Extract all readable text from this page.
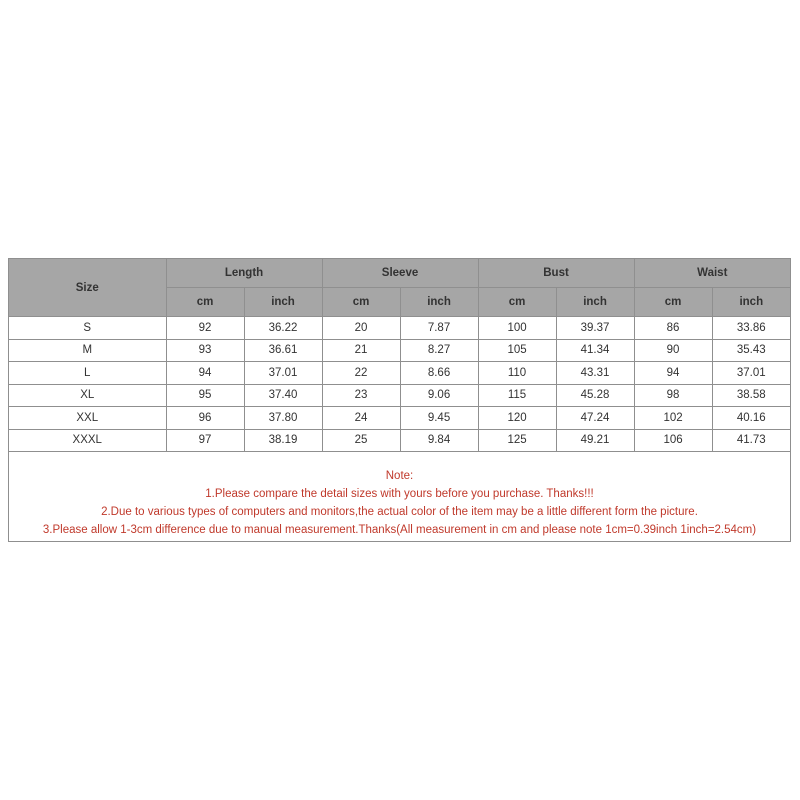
Size	Length		Sleeve		Bust		Waist	
	cm	inch	cm	inch	cm	inch	cm	inch
S	92	36.22	20	7.87	100	39.37	86	33.86
M	93	36.61	21	8.27	105	41.34	90	35.43
L	94	37.01	22	8.66	110	43.31	94	37.01
XL	95	37.40	23	9.06	115	45.28	98	38.58
XXL	96	37.80	24	9.45	120	47.24	102	40.16
XXXL	97	38.19	25	9.84	125	49.21	106	41.73
Note:
1.Please compare the detail sizes with yours before you purchase. Thanks!!!
2.Due to various types of computers and monitors,the actual color of the item may be a little different form the picture.
3.Please allow 1-3cm difference due to manual measurement.Thanks(All measurement in cm and please note 1cm=0.39inch 1inch=2.54cm)
